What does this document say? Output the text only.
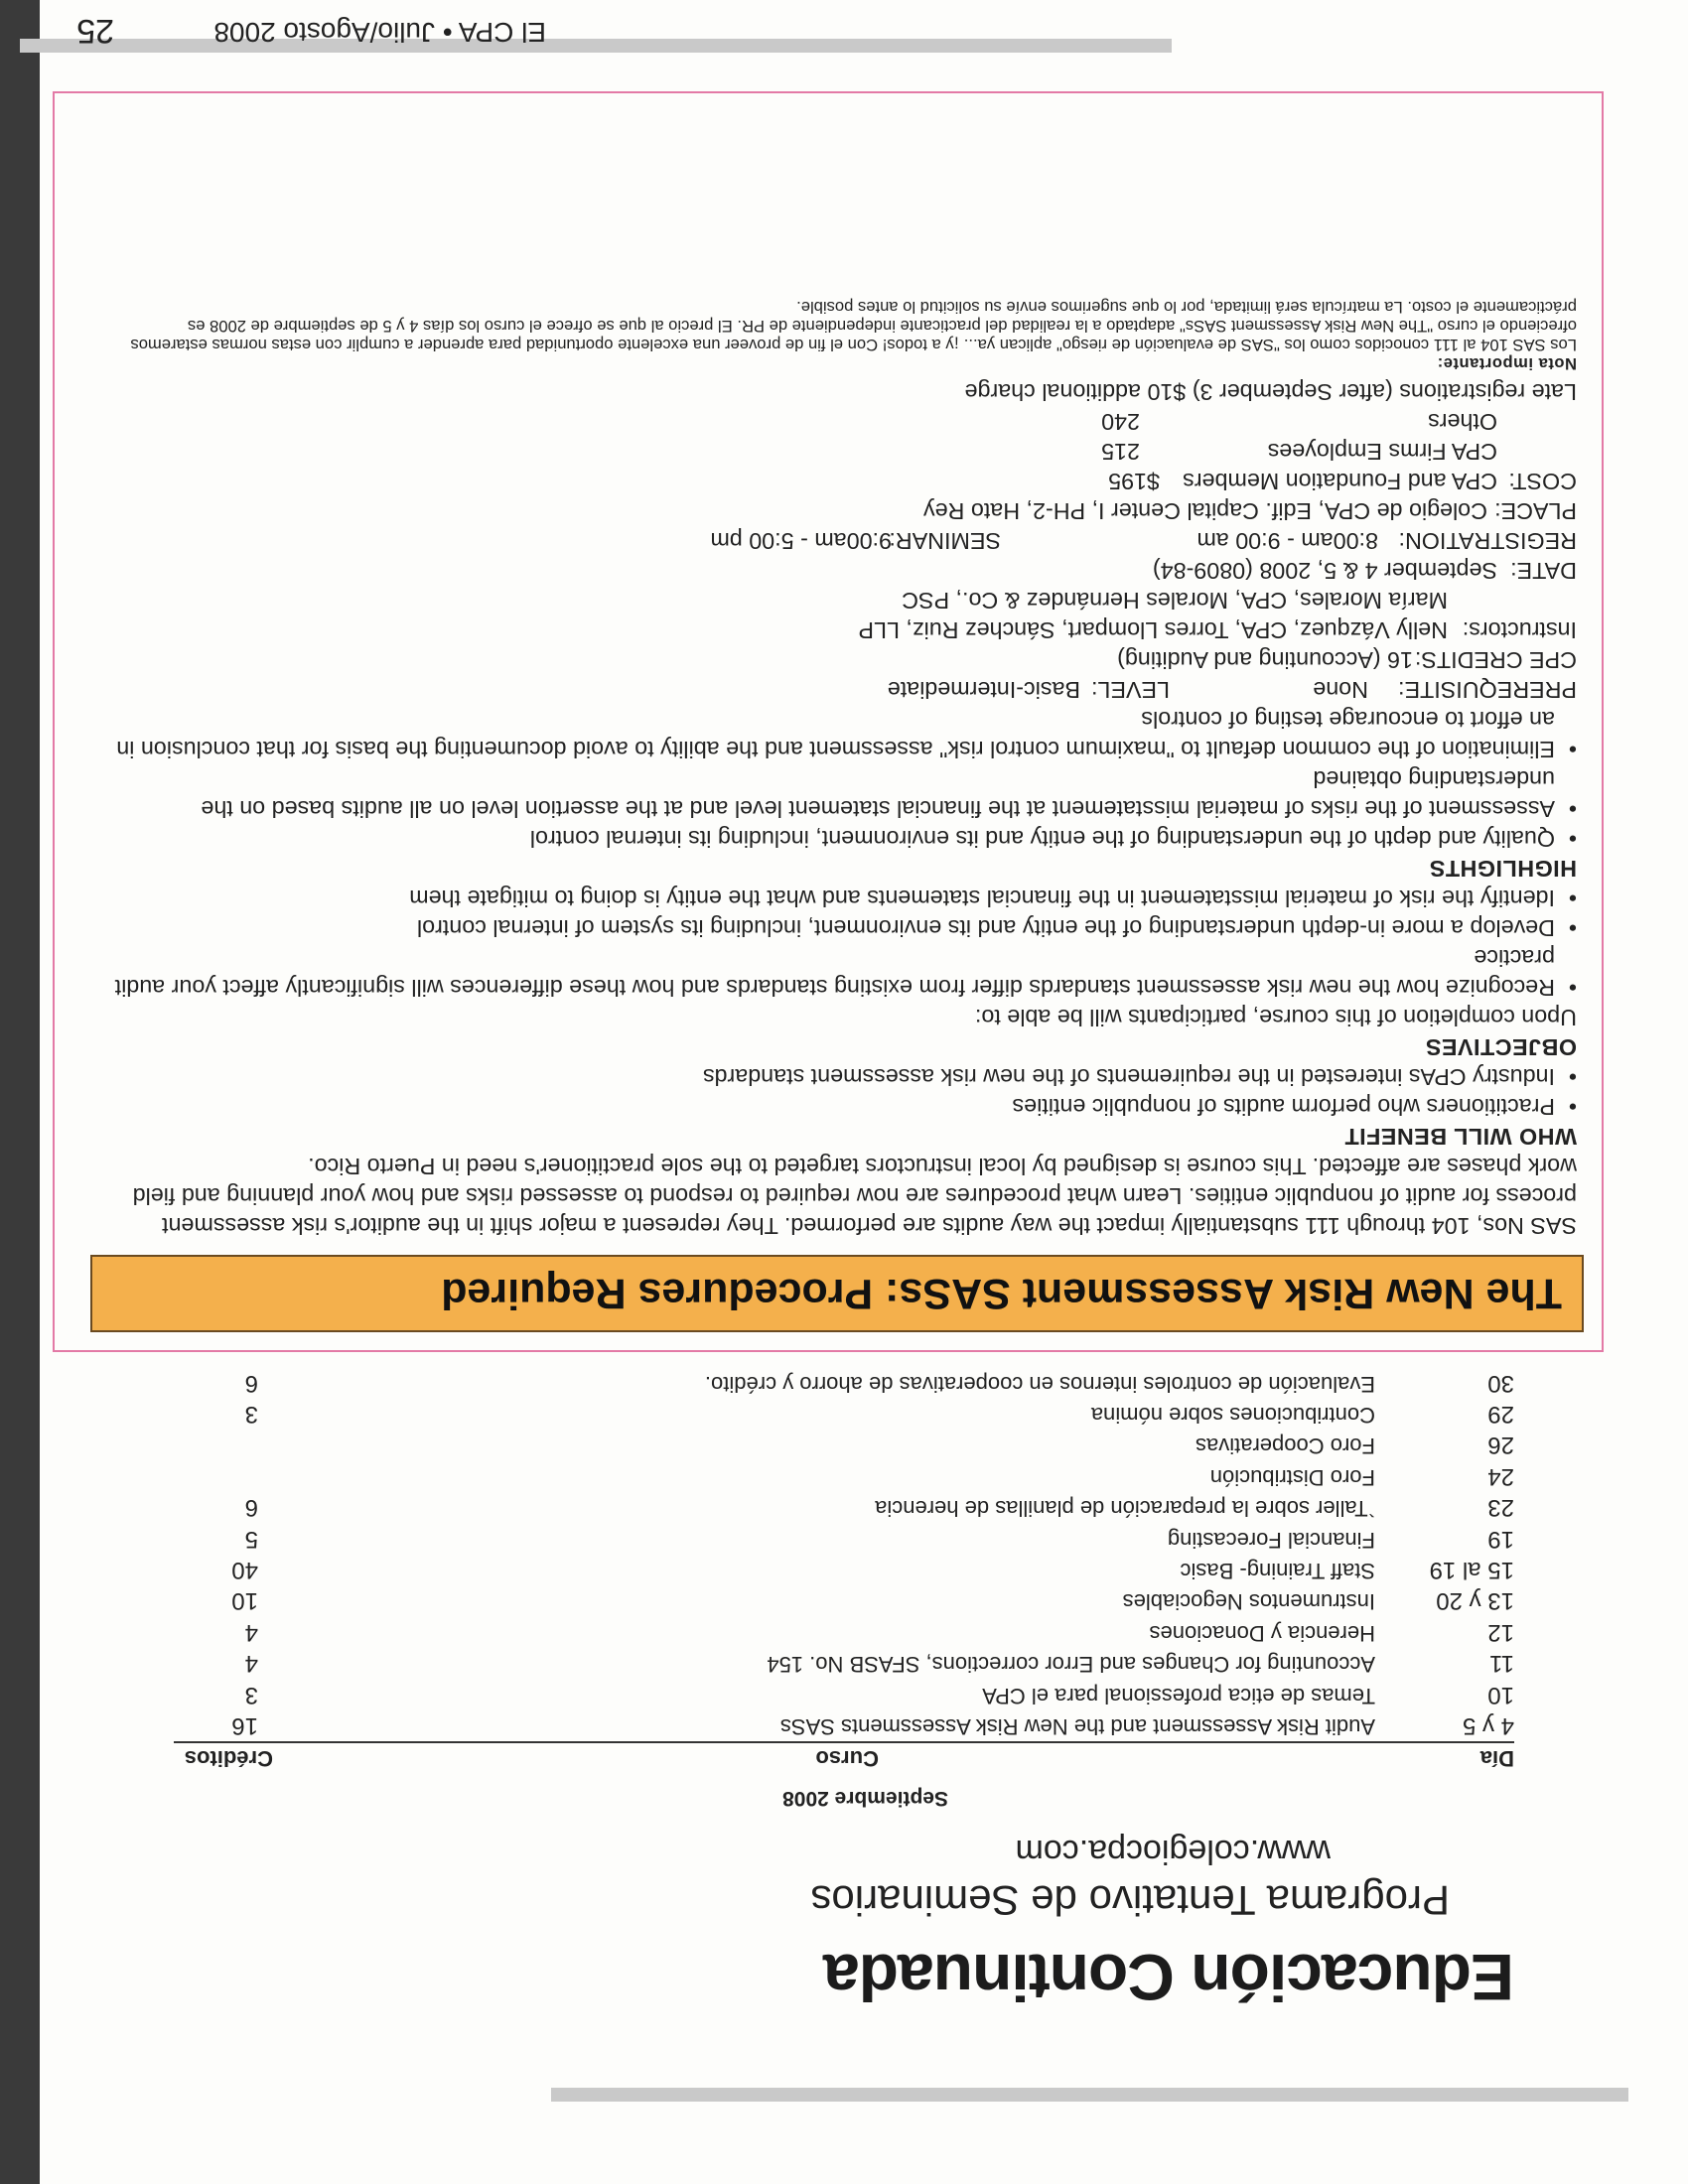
25	El CPA • Julio/Agosto 2008
Educación Continuada
Programa Tentativo de Seminarios
www.colegiocpa.com
Septiembre 2008
Día
Curso
Créditos
4 y 5
Audit Risk Assessment and the New Risk Assessments SASs
16
10
Temas de etica professional para el CPA
3
11
Accounting for Changes and Error corrections, SFASB No. 154
4
12
Herencia y Donaciones
4
13 y 20
Instrumentos Negociables
10
15 al 19
Staff Training- Basic
40
19
Financial Forecasting
5
23
`Taller sobre la preparación de planillas de herencia
6
24
Foro Distribución
26
Foro Cooperativas
29
Contribuciones sobre nómina
3
30
Evaluación de controles internos en cooperativas de ahorro y crédito.
6
The New Risk Assessment SASs: Procedures Required

SAS Nos, 104 through 111 substantially impact the way audits are performed. They represent a major shift in the auditor's risk assessment process for audit of nonpublic entities. Learn what procedures are now required to respond to assessed risks and how your planning and field work phases are affected. This course is designed by local instructors targeted to the sole practitioner's need in Puerto Rico.

WHO WILL BENEFIT

• Practitioners who perform audits of nonpublic entities

• Industry CPAs interested in the requirements of the new risk assessment standards

OBJECTIVES

Upon completion of this course, participants will be able to:

• Recognize how the new risk assessment standards differ from existing standards and how these differences will significantly affect your audit practice

• Develop a more in-depth understanding of the entity and its environment, including its system of internal control

• Identify the risk of material misstatement in the financial statements and what the entity is doing to mitigate them

HIGHLIGHTS

• Quality and depth of the understanding of the entity and its environment, including its internal control

• Assessment of the risks of material misstatement at the financial statement level and at the assertion level on all audits based on the understanding obtained

• Elimination of the common default to "maximum control risk" assessment and the ability to avoid documenting the basis for that conclusion in an effort to encourage testing of controls

PREREQUISITE:
None
LEVEL:
Basic-Intermediate
CPE CREDITS:
16 (Accounting and Auditing)
Instructors:
Nelly Vázquez, CPA, Torres Llompart, Sánchez Ruiz, LLP
María Morales, CPA, Morales Hernández & Co., PSC
DATE:
September 4 & 5, 2008 (0809-84)
REGISTRATION:
8:00am - 9:00 am
SEMINAR:
9:00am - 5:00 pm
PLACE:
Colegio de CPA, Edif. Capital Center I, PH-2, Hato Rey
COST:
CPA and Foundation Members
$195
CPA Firms Employees
215
Others
240

Late registrations (after September 3) $10 additional charge

Nota importante:
Los SAS 104 al 111 conocidos como los "SAS de evaluación de riesgo" aplican ya... ¡y a todos! Con el fin de proveer una excelente oportunidad para aprender a cumplir con estas normas estaremos ofreciendo el curso "The New Risk Assessment SASs" adaptado a la realidad del practicante independiente de PR. El precio al que se ofrece el curso los días 4 y 5 de septiembre de 2008 es prácticamente el costo. La matrícula será limitada, por lo que sugerimos envíe su solicitud lo antes posible.
